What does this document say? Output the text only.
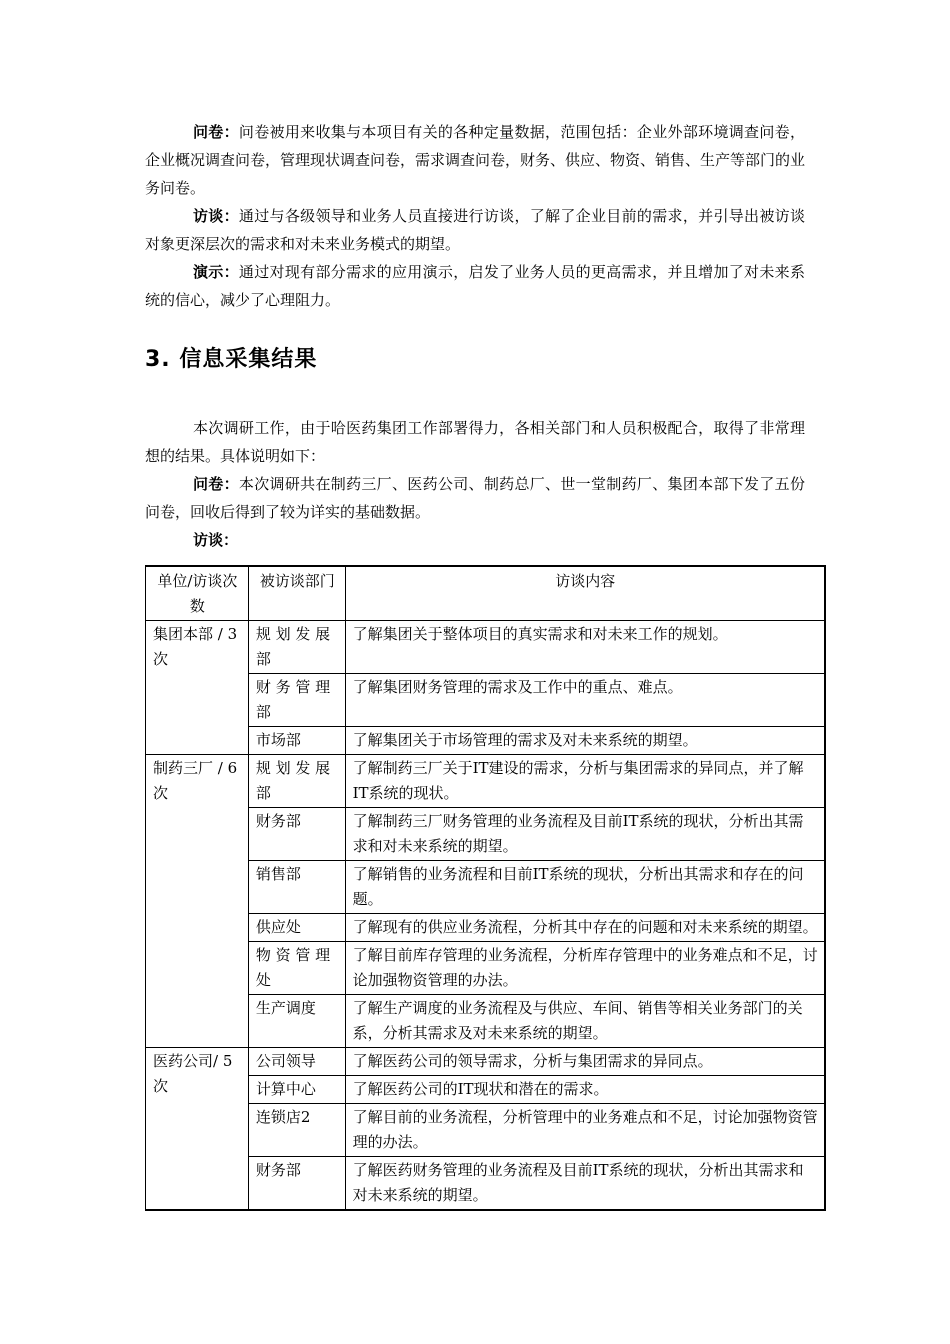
问卷：问卷被用来收集与本项目有关的各种定量数据，范围包括：企业外部环境调查问卷，企业概况调查问卷，管理现状调查问卷，需求调查问卷，财务、供应、物资、销售、生产等部门的业务问卷。

访谈：通过与各级领导和业务人员直接进行访谈，了解了企业目前的需求，并引导出被访谈对象更深层次的需求和对未来业务模式的期望。

演示：通过对现有部分需求的应用演示，启发了业务人员的更高需求，并且增加了对未来系统的信心，减少了心理阻力。

3. 信息采集结果

本次调研工作，由于哈医药集团工作部署得力，各相关部门和人员积极配合，取得了非常理想的结果。具体说明如下：

问卷：本次调研共在制药三厂、医药公司、制药总厂、世一堂制药厂、集团本部下发了五份问卷，回收后得到了较为详实的基础数据。

访谈：

单位/访谈次数	被访谈部门	访谈内容
集团本部 / 3次	规 划 发 展 部	了解集团关于整体项目的真实需求和对未来工作的规划。
	财 务 管 理 部	了解集团财务管理的需求及工作中的重点、难点。
	市场部	了解集团关于市场管理的需求及对未来系统的期望。
制药三厂 / 6次	规 划 发 展 部	了解制药三厂关于IT建设的需求，分析与集团需求的异同点，并了解IT系统的现状。
	财务部	了解制药三厂财务管理的业务流程及目前IT系统的现状，分析出其需求和对未来系统的期望。
	销售部	了解销售的业务流程和目前IT系统的现状，分析出其需求和存在的问题。
	供应处	了解现有的供应业务流程，分析其中存在的问题和对未来系统的期望。
	物 资 管 理 处	了解目前库存管理的业务流程，分析库存管理中的业务难点和不足，讨论加强物资管理的办法。
	生产调度	了解生产调度的业务流程及与供应、车间、销售等相关业务部门的关系，分析其需求及对未来系统的期望。
医药公司/ 5次	公司领导	了解医药公司的领导需求，分析与集团需求的异同点。
	计算中心	了解医药公司的IT现状和潜在的需求。
	连锁店2	了解目前的业务流程，分析管理中的业务难点和不足，讨论加强物资管理的办法。
	财务部	了解医药财务管理的业务流程及目前IT系统的现状，分析出其需求和对未来系统的期望。
